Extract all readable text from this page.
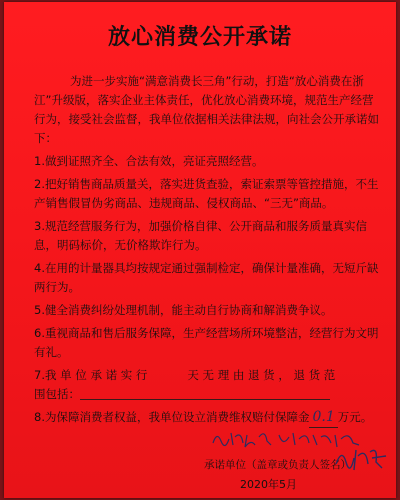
放心消费公开承诺

为进一步实施“满意消费长三角”行动，打造“放心消费在浙江”升级版，落实企业主体责任，优化放心消费环境，规范生产经营行为，接受社会监督，我单位依据相关法律法规，向社会公开承诺如下：

1.做到证照齐全、合法有效，亮证亮照经营。

2.把好销售商品质量关，落实进货查验，索证索票等管控措施，不生产销售假冒伪劣商品、违规商品、侵权商品、“三无”商品。

3.规范经营服务行为，加强价格自律、公开商品和服务质量真实信息，明码标价，无价格欺诈行为。

4.在用的计量器具均按规定通过强制检定，确保计量准确，无短斤缺两行为。

5.健全消费纠纷处理机制，能主动自行协商和解消费争议。

6.重视商品和售后服务保障，生产经营场所环境整洁，经营行为文明有礼。

7.我 单 位 承 诺 实 行	天 无 理 由 退 货 ， 退 货 范
围包括：

8.为保障消费者权益，我单位设立消费维权赔付保障金 0.1 万元。

承诺单位（盖章或负责人签名）
2020年5月
